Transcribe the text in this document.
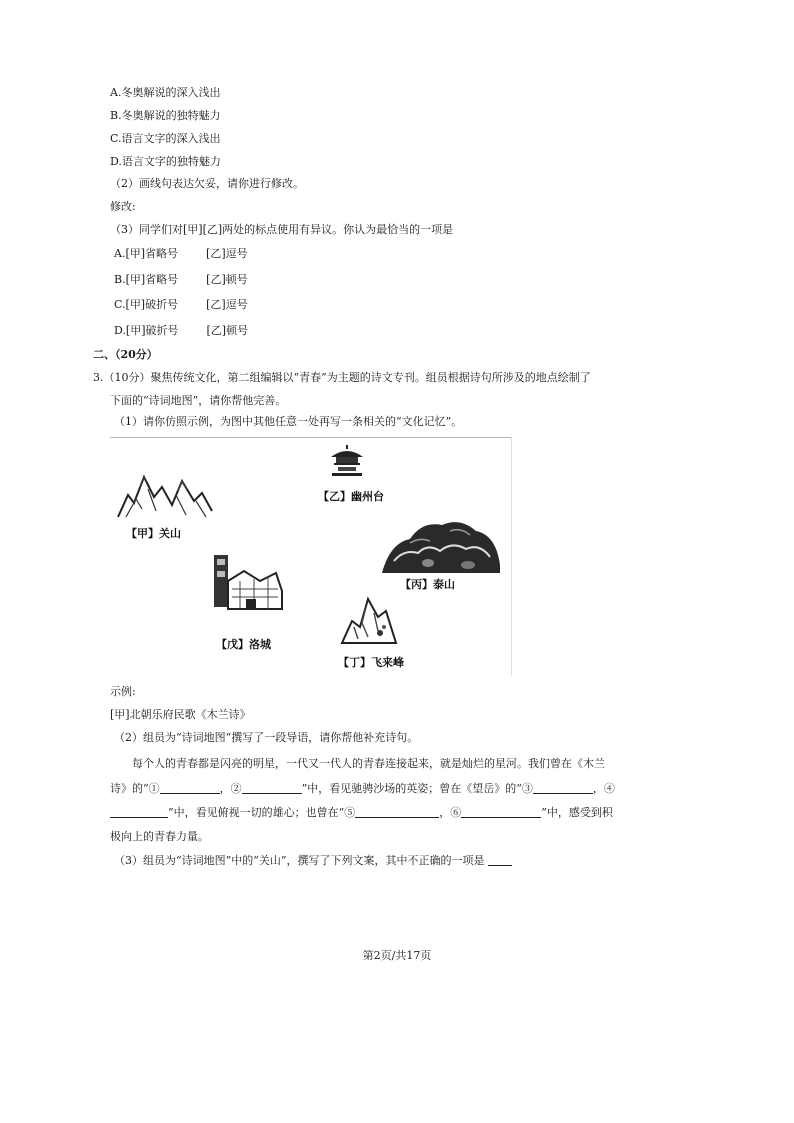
A.冬奥解说的深入浅出
B.冬奥解说的独特魅力
C.语言文字的深入浅出
D.语言文字的独特魅力
（2）画线句表达欠妥，请你进行修改。
修改:
（3）同学们对[甲][乙]两处的标点使用有异议。你认为最恰当的一项是
A.[甲]省略号	[乙]逗号
B.[甲]省略号	[乙]顿号
C.[甲]破折号	[乙]逗号
D.[甲]破折号	[乙]顿号
二、（20分）
3.（10分）聚焦传统文化，第二组编辑以“青春”为主题的诗文专刊。组员根据诗句所涉及的地点绘制了
下面的“诗词地图”，请你帮他完善。
（1）请你仿照示例，为图中其他任意一处再写一条相关的“文化记忆”。
【甲】关山
【乙】幽州台
【丙】泰山
【戊】洛城
【丁】飞来峰
示例:
[甲]北朝乐府民歌《木兰诗》
（2）组员为“诗词地图“撰写了一段导语，请你帮他补充诗句。
每个人的青春都是闪亮的明星，一代又一代人的青春连接起来，就是灿烂的星河。我们曾在《木兰
诗》的“①	，②	”中，看见驰骋沙场的英姿；曾在《望岳》的“③	，④
”中，看见俯视一切的雄心；也曾在“⑤	，⑥	”中，感受到积
极向上的青春力量。
（3）组员为“诗词地图”中的“关山”，撰写了下列文案，其中不正确的一项是
第2页/共17页
